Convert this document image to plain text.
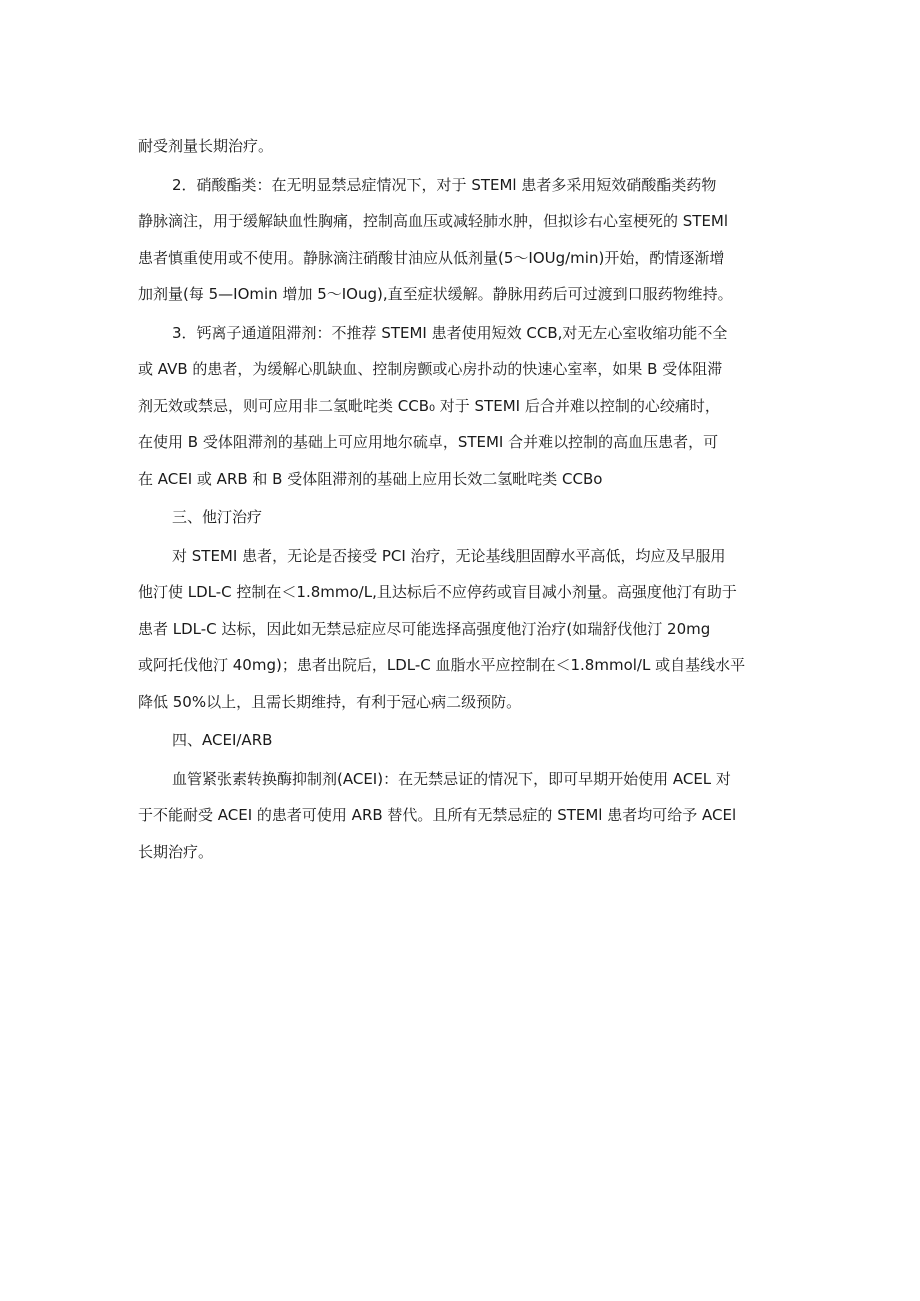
耐受剂量长期治疗。

2．硝酸酯类：在无明显禁忌症情况下，对于 STEMl 患者多采用短效硝酸酯类药物
静脉滴注，用于缓解缺血性胸痛，控制高血压或减轻肺水肿，但拟诊右心室梗死的 STEMl
患者慎重使用或不使用。静脉滴注硝酸甘油应从低剂量(5～IOUg∕min)开始，酌情逐渐增
加剂量(每 5—IOmin 增加 5～IOug),直至症状缓解。静脉用药后可过渡到口服药物维持。

3．钙离子通道阻滞剂：不推荐 STEMI 患者使用短效 CCB,对无左心室收缩功能不全
或 AVB 的患者，为缓解心肌缺血、控制房颤或心房扑动的快速心室率，如果 B 受体阻滞
剂无效或禁忌，则可应用非二氢毗咤类 CCB₀ 对于 STEMI 后合并难以控制的心绞痛时，
在使用 B 受体阻滞剂的基础上可应用地尔硫卓，STEMI 合并难以控制的高血压患者，可
在 ACEI 或 ARB 和 B 受体阻滞剂的基础上应用长效二氢毗咤类 CCBo

三、他汀治疗

对 STEMI 患者，无论是否接受 PCI 治疗，无论基线胆固醇水平高低，均应及早服用
他汀使 LDL-C 控制在＜1.8mmo∕L,且达标后不应停药或盲目减小剂量。高强度他汀有助于
患者 LDL-C 达标，因此如无禁忌症应尽可能选择高强度他汀治疗(如瑞舒伐他汀 20mg
或阿托伐他汀 40mg)；患者出院后，LDL-C 血脂水平应控制在＜1.8mmol∕L 或自基线水平
降低 50%以上，且需长期维持，有利于冠心病二级预防。

四、ACEI/ARB

血管紧张素转换酶抑制剂(ACEI)：在无禁忌证的情况下，即可早期开始使用 ACEL 对
于不能耐受 ACEI 的患者可使用 ARB 替代。且所有无禁忌症的 STEMl 患者均可给予 ACEl
长期治疗。
